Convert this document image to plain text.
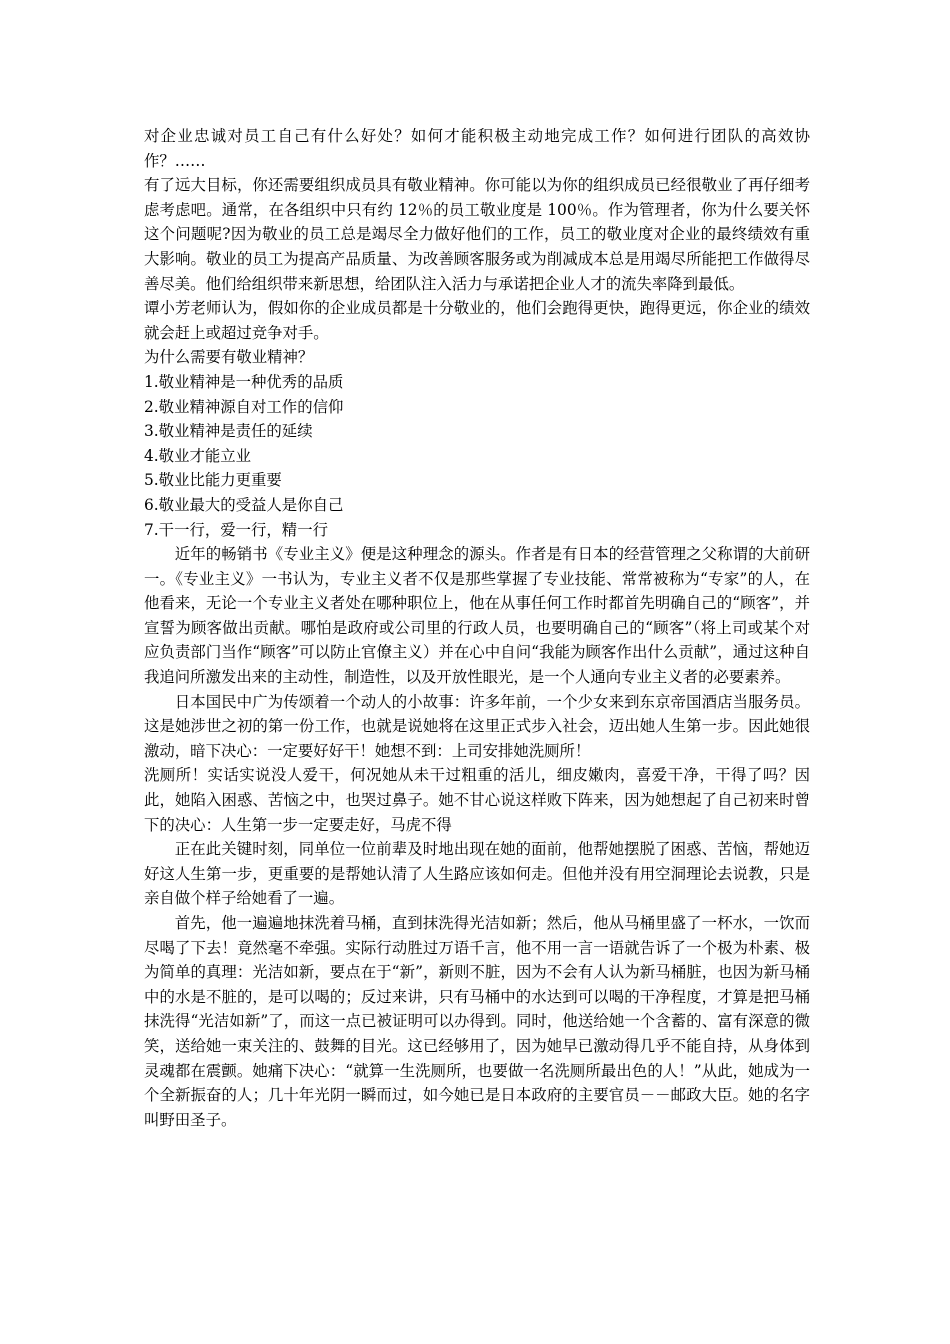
对企业忠诚对员工自己有什么好处？如何才能积极主动地完成工作？如何进行团队的高效协作？……

有了远大目标，你还需要组织成员具有敬业精神。你可能以为你的组织成员已经很敬业了再仔细考虑考虑吧。通常，在各组织中只有约 12％的员工敬业度是 100％。作为管理者，你为什么要关怀这个问题呢?因为敬业的员工总是竭尽全力做好他们的工作，员工的敬业度对企业的最终绩效有重大影响。敬业的员工为提高产品质量、为改善顾客服务或为削减成本总是用竭尽所能把工作做得尽善尽美。他们给组织带来新思想，给团队注入活力与承诺把企业人才的流失率降到最低。

谭小芳老师认为，假如你的企业成员都是十分敬业的，他们会跑得更快，跑得更远，你企业的绩效就会赶上或超过竞争对手。

为什么需要有敬业精神？

1.敬业精神是一种优秀的品质

2.敬业精神源自对工作的信仰

3.敬业精神是责任的延续

4.敬业才能立业

5.敬业比能力更重要

6.敬业最大的受益人是你自己

7.干一行，爱一行，精一行

近年的畅销书《专业主义》便是这种理念的源头。作者是有日本的经营管理之父称谓的大前研一。《专业主义》一书认为，专业主义者不仅是那些掌握了专业技能、常常被称为“专家”的人，在他看来，无论一个专业主义者处在哪种职位上，他在从事任何工作时都首先明确自己的“顾客”，并宣誓为顾客做出贡献。哪怕是政府或公司里的行政人员，也要明确自己的“顾客”（将上司或某个对应负责部门当作“顾客”可以防止官僚主义）并在心中自问“我能为顾客作出什么贡献”，通过这种自我追问所激发出来的主动性，制造性，以及开放性眼光，是一个人通向专业主义者的必要素养。

日本国民中广为传颂着一个动人的小故事：许多年前，一个少女来到东京帝国酒店当服务员。这是她涉世之初的第一份工作，也就是说她将在这里正式步入社会，迈出她人生第一步。因此她很激动，暗下决心：一定要好好干！她想不到：上司安排她洗厕所！

洗厕所！实话实说没人爱干，何况她从未干过粗重的活儿，细皮嫩肉，喜爱干净，干得了吗？因此，她陷入困惑、苦恼之中，也哭过鼻子。她不甘心说这样败下阵来，因为她想起了自己初来时曾下的决心：人生第一步一定要走好，马虎不得

正在此关键时刻，同单位一位前辈及时地出现在她的面前，他帮她摆脱了困惑、苦恼，帮她迈好这人生第一步，更重要的是帮她认清了人生路应该如何走。但他并没有用空洞理论去说教，只是亲自做个样子给她看了一遍。

首先，他一遍遍地抹洗着马桶，直到抹洗得光洁如新；然后，他从马桶里盛了一杯水，一饮而尽喝了下去！竟然毫不牵强。实际行动胜过万语千言，他不用一言一语就告诉了一个极为朴素、极为简单的真理：光洁如新，要点在于“新”，新则不脏，因为不会有人认为新马桶脏，也因为新马桶中的水是不脏的，是可以喝的；反过来讲，只有马桶中的水达到可以喝的干净程度，才算是把马桶抹洗得“光洁如新”了，而这一点已被证明可以办得到。同时，他送给她一个含蓄的、富有深意的微笑，送给她一束关注的、鼓舞的目光。这已经够用了，因为她早已激动得几乎不能自持，从身体到灵魂都在震颤。她痛下决心：“就算一生洗厕所，也要做一名洗厕所最出色的人！”从此，她成为一个全新振奋的人；几十年光阴一瞬而过，如今她已是日本政府的主要官员－－邮政大臣。她的名字叫野田圣子。
